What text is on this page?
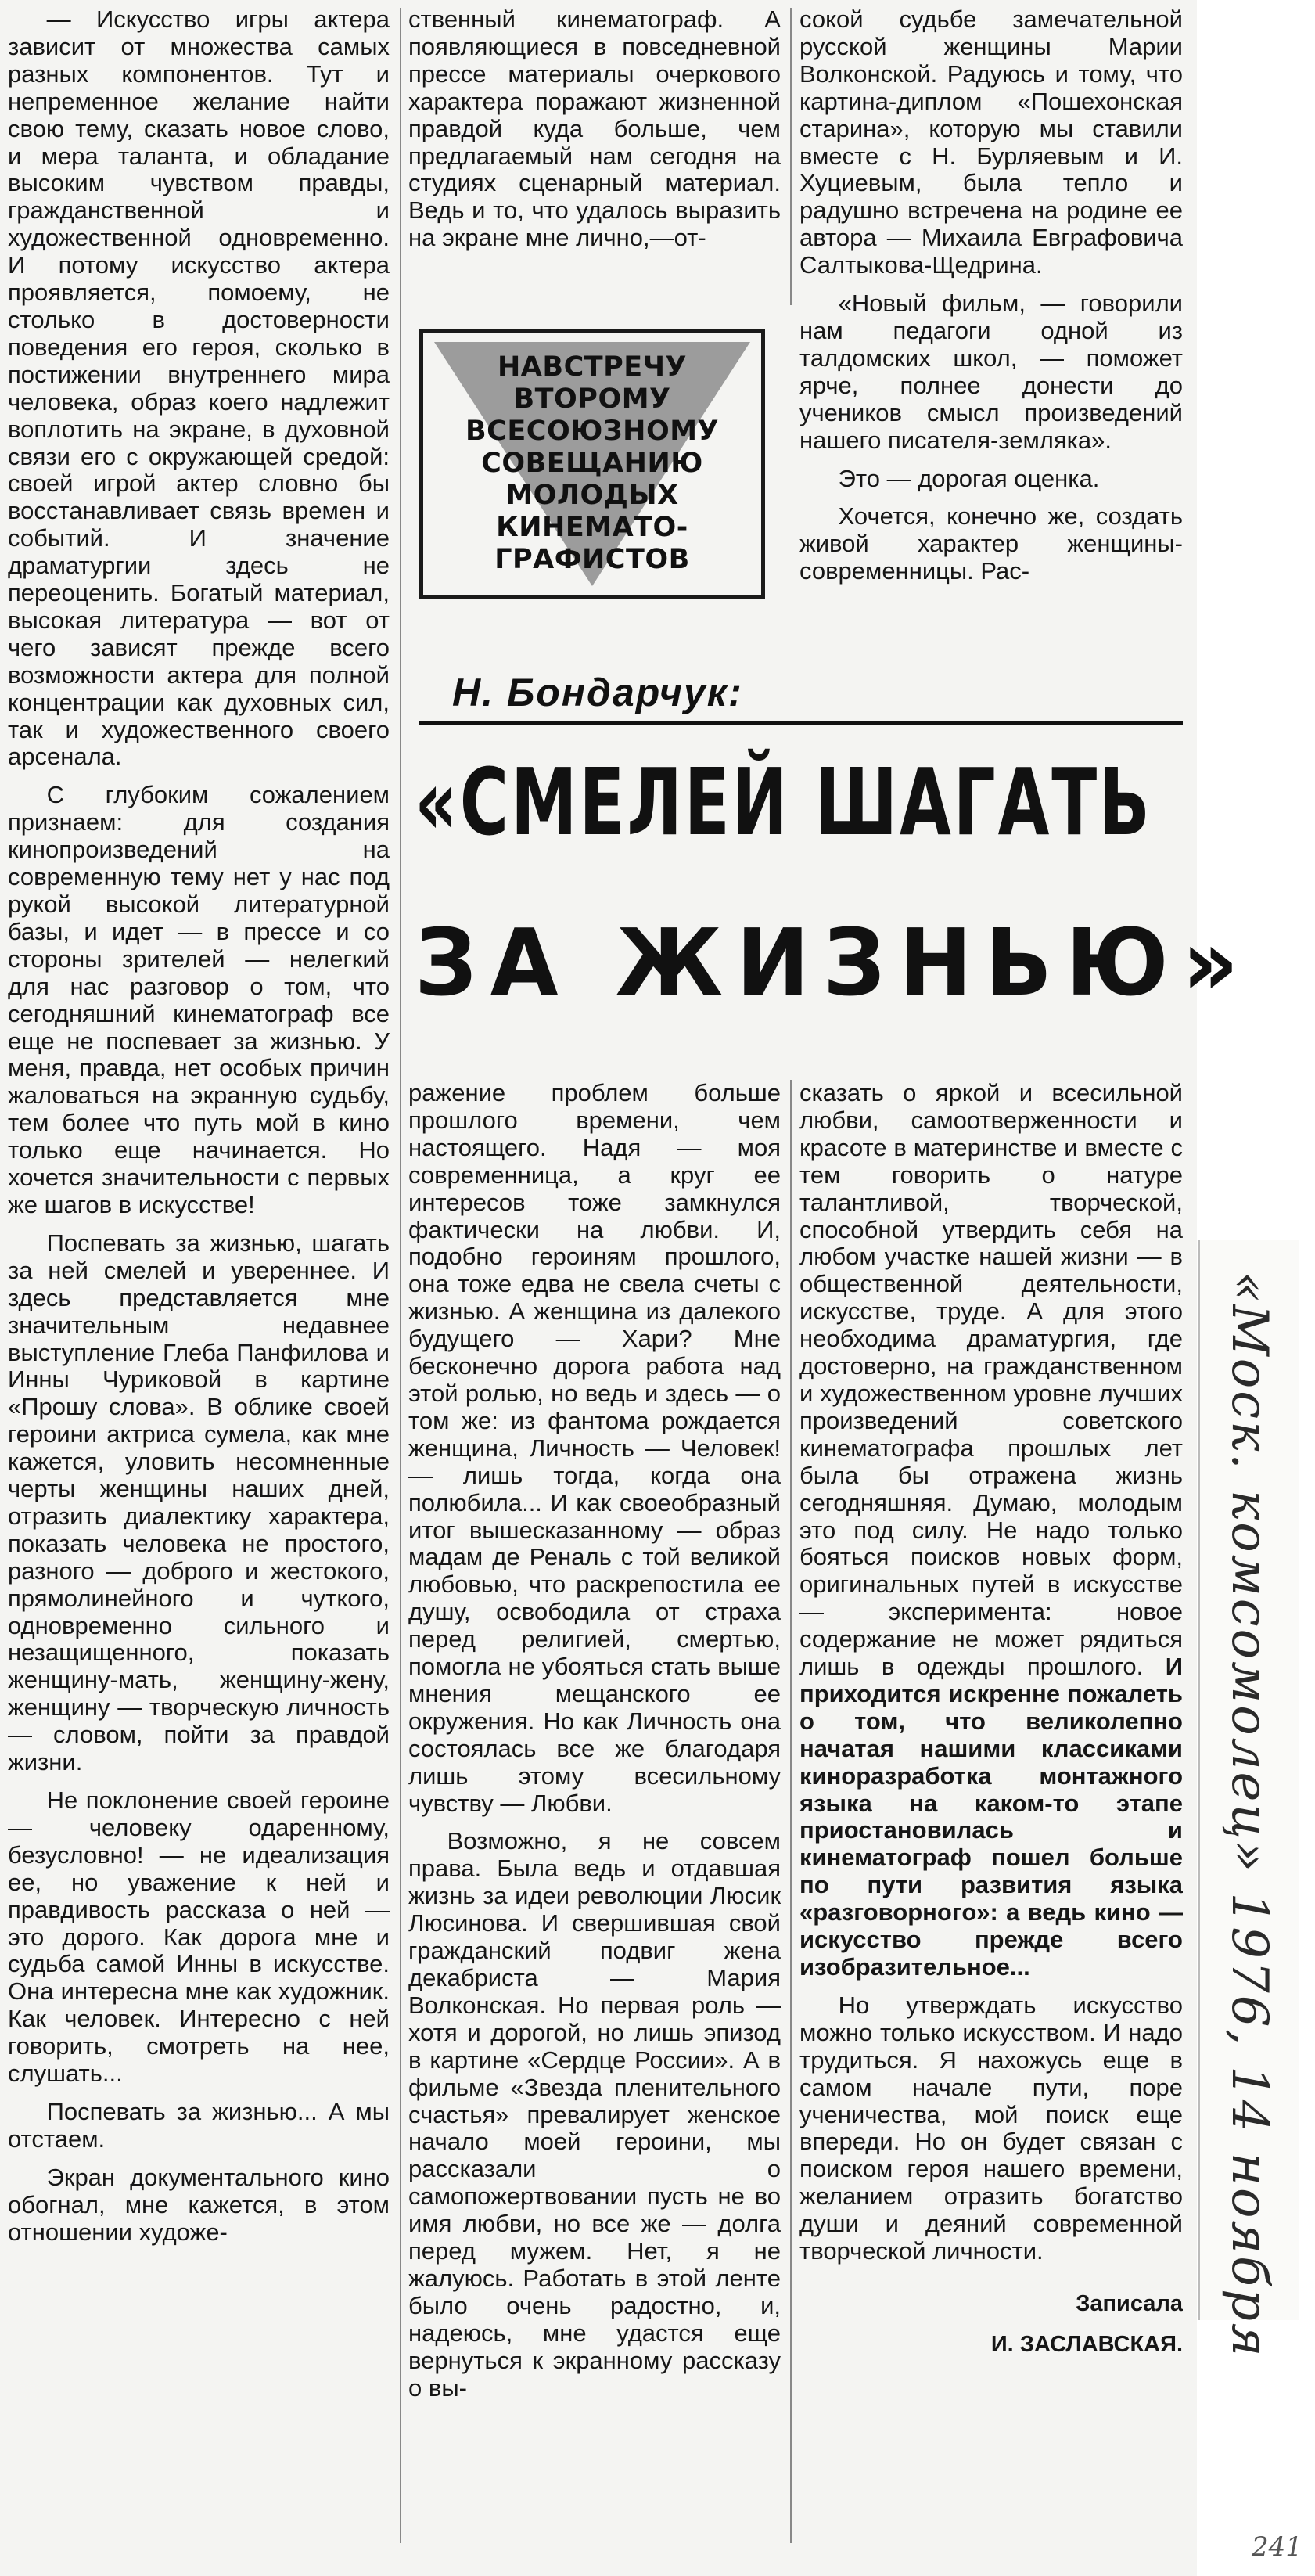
— Искусство игры актера зависит от множества самых разных компонентов. Тут и непременное желание найти свою тему, сказать новое слово, и мера таланта, и обладание высоким чувством правды, гражданственной и художественной одновременно. И потому искусство актера проявляется, помоему, не столько в достоверности поведения его героя, сколько в постижении внутреннего мира человека, образ коего надлежит воплотить на экране, в духовной связи его с окружающей средой: своей игрой актер словно бы восстанавливает связь времен и событий. И значение драматургии здесь не переоценить. Богатый материал, высокая литература — вот от чего зависят прежде всего возможности актера для полной концентрации как духовных сил, так и художественного своего арсенала.

С глубоким сожалением признаем: для создания кинопроизведений на современную тему нет у нас под рукой высокой литературной базы, и идет — в прессе и со стороны зрителей — нелегкий для нас разговор о том, что сегодняшний кинематограф все еще не поспевает за жизнью. У меня, правда, нет особых причин жаловаться на экранную судьбу, тем более что путь мой в кино только еще начинается. Но хочется значительности с первых же шагов в искусстве!

Поспевать за жизнью, шагать за ней смелей и увереннее. И здесь представляется мне значительным недавнее выступление Глеба Панфилова и Инны Чуриковой в картине «Прошу слова». В облике своей героини актриса сумела, как мне кажется, уловить несомненные черты женщины наших дней, отразить диалектику характера, показать человека не простого, разного — доброго и жестокого, прямолинейного и чуткого, одновременно сильного и незащищенного, показать женщину-мать, женщину-жену, женщину — творческую личность — словом, пойти за правдой жизни.

Не поклонение своей героине — человеку одаренному, безусловно! — не идеализация ее, но уважение к ней и правдивость рассказа о ней — это дорого. Как дорога мне и судьба самой Инны в искусстве. Она интересна мне как художник. Как человек. Интересно с ней говорить, смотреть на нее, слушать...

Поспевать за жизнью... А мы отстаем.

Экран документального кино обогнал, мне кажется, в этом отношении художе-

ственный кинематограф. А появляющиеся в повседневной прессе материалы очеркового характера поражают жизненной правдой куда больше, чем предлагаемый нам сегодня на студиях сценарный материал. Ведь и то, что удалось выразить на экране мне лично,—от-

сокой судьбе замечательной русской женщины Марии Волконской. Радуюсь и тому, что картина-диплом «Пошехонская старина», которую мы ставили вместе с Н. Бурляевым и И. Хуциевым, была тепло и радушно встречена на родине ее автора — Михаила Евграфовича Салтыкова-Щедрина.

«Новый фильм, — говорили нам педагоги одной из талдомских школ, — поможет ярче, полнее донести до учеников смысл произведений нашего писателя-земляка».

Это — дорогая оценка.

Хочется, конечно же, создать живой характер женщины-современницы. Рас-

НАВСТРЕЧУ
ВТОРОМУ
ВСЕСОЮЗНОМУ
СОВЕЩАНИЮ
МОЛОДЫХ
КИНЕМАТО-
ГРАФИСТОВ
Н. Бондарчук:
«СМЕЛЕЙ ШАГАТЬ
ЗА ЖИЗНЬЮ»

ражение проблем больше прошлого времени, чем настоящего. Надя — моя современница, а круг ее интересов тоже замкнулся фактически на любви. И, подобно героиням прошлого, она тоже едва не свела счеты с жизнью. А женщина из далекого будущего — Хари? Мне бесконечно дорога работа над этой ролью, но ведь и здесь — о том же: из фантома рождается женщина, Личность — Человек! — лишь тогда, когда она полюбила... И как своеобразный итог вышесказанному — образ мадам де Реналь с той великой любовью, что раскрепостила ее душу, освободила от страха перед религией, смертью, помогла не убояться стать выше мнения мещанского ее окружения. Но как Личность она состоялась все же благодаря лишь этому всесильному чувству — Любви.

Возможно, я не совсем права. Была ведь и отдавшая жизнь за идеи революции Люсик Люсинова. И свершившая свой гражданский подвиг жена декабриста — Мария Волконская. Но первая роль — хотя и дорогой, но лишь эпизод в картине «Сердце России». А в фильме «Звезда пленительного счастья» превалирует женское начало моей героини, мы рассказали о самопожертвовании пусть не во имя любви, но все же — долга перед мужем. Нет, я не жалуюсь. Работать в этой ленте было очень радостно, и, надеюсь, мне удастся еще вернуться к экранному рассказу о вы-

сказать о яркой и всесильной любви, самоотверженности и красоте в материнстве и вместе с тем говорить о натуре талантливой, творческой, способной утвердить себя на любом участке нашей жизни — в общественной деятельности, искусстве, труде. А для этого необходима драматургия, где достоверно, на гражданственном и художественном уровне лучших произведений советского кинематографа прошлых лет была бы отражена жизнь сегодняшняя. Думаю, молодым это под силу. Не надо только бояться поисков новых форм, оригинальных путей в искусстве — эксперимента: новое содержание не может рядиться лишь в одежды прошлого. И приходится искренне пожалеть о том, что великолепно начатая нашими классиками киноразработка монтажного языка на каком-то этапе приостановилась и кинематограф пошел больше по пути развития языка «разговорного»: а ведь кино — искусство прежде всего изобразительное...

Но утверждать искусство можно только искусством. И надо трудиться. Я нахожусь еще в самом начале пути, поре ученичества, мой поиск еще впереди. Но он будет связан с поиском героя нашего времени, желанием отразить богатство души и деяний современной творческой личности.

Записала

И. ЗАСЛАВСКАЯ. «Моск. комсомолец» 1976, 14 ноября
241
